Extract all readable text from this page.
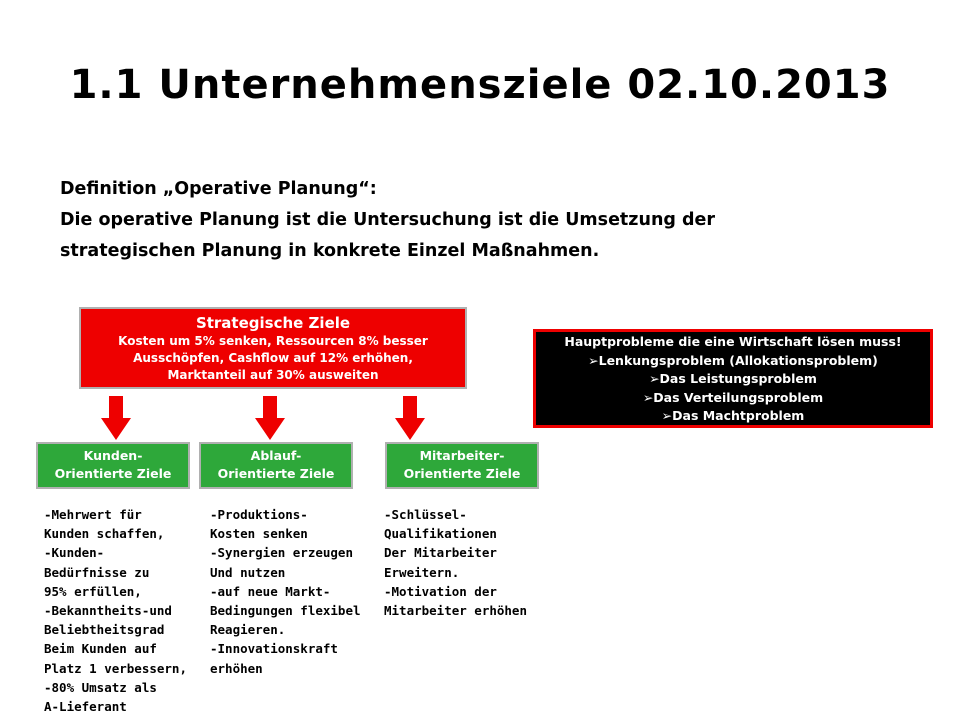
1.1 Unternehmensziele 02.10.2013
Definition „Operative Planung“:
Die operative Planung ist die Untersuchung ist die Umsetzung der
strategischen Planung in konkrete Einzel Maßnahmen.
Strategische Ziele
Kosten um 5% senken, Ressourcen 8% besser
Ausschöpfen, Cashflow auf 12% erhöhen,
Marktanteil auf 30% ausweiten
Hauptprobleme die eine Wirtschaft lösen muss!
➢Lenkungsproblem (Allokationsproblem)
➢Das Leistungsproblem
➢Das Verteilungsproblem
➢Das Machtproblem
Kunden-
Orientierte Ziele
Ablauf-
Orientierte Ziele
Mitarbeiter-
Orientierte Ziele
-Mehrwert für
Kunden schaffen,
-Kunden-
Bedürfnisse zu
95% erfüllen,
-Bekanntheits-und
Beliebtheitsgrad
Beim Kunden auf
Platz 1 verbessern,
-80% Umsatz als
A-Lieferant
-Produktions-
Kosten senken
-Synergien erzeugen
Und nutzen
-auf neue Markt-
Bedingungen flexibel
Reagieren.
-Innovationskraft
erhöhen
-Schlüssel-
Qualifikationen
Der Mitarbeiter
Erweitern.
-Motivation der
Mitarbeiter erhöhen
